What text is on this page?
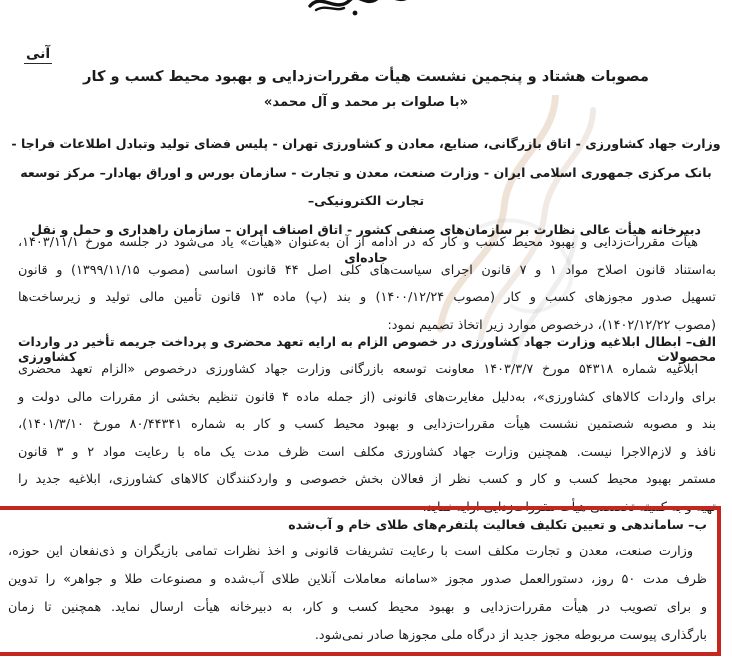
آنی
مصوبات هشتاد و پنجمین نشست هیأت مقررات‌زدایی و بهبود محیط کسب و کار
«با صلوات بر محمد و آل محمد»
وزارت جهاد کشاورزی - اتاق بازرگانی، صنایع، معادن و کشاورزی تهران - پلیس فضای تولید وتبادل اطلاعات فراجا -
بانک مرکزی جمهوری اسلامی ایران - وزارت صنعت، معدن و تجارت - سازمان بورس و اوراق بهادار– مرکز توسعه تجارت الکترونیکی–
دبیرخانه هیأت عالی نظارت بر سازمان‌های صنفی کشور - اتاق اصناف ایران – سازمان راهداری و حمل و نقل جاده‌ای
هیأت مقررات‌زدایی و بهبود محیط کسب و کار که در ادامه از آن به‌عنوان «هیأت» یاد می‌شود در جلسه مورخ ۱۴۰۳/۱۱/۱،
به‌استناد قانون اصلاح مواد ۱ و ۷ قانون اجرای سیاست‌های کلی اصل ۴۴ قانون اساسی (مصوب ۱۳۹۹/۱۱/۱۵) و قانون
تسهیل صدور مجوزهای کسب و کار (مصوب ۱۴۰۰/۱۲/۲۴) و بند (پ) ماده ۱۳ قانون تأمین مالی تولید و زیرساخت‌ها
(مصوب ۱۴۰۲/۱۲/۲۲)، درخصوص موارد زیر اتخاذ تصمیم نمود:
الف– ابطال ابلاغیه وزارت جهاد کشاورزی در خصوص الزام به ارایه تعهد محضری و پرداخت جریمه تأخیر در واردات محصولات کشاورزی
ابلاغیه شماره ۵۴۳۱۸ مورخ ۱۴۰۳/۳/۷ معاونت توسعه بازرگانی وزارت جهاد کشاورزی درخصوص «الزام تعهد محضری
برای واردات کالاهای کشاورزی»، به‌دلیل مغایرت‌های قانونی (از جمله ماده ۴ قانون تنظیم بخشی از مقررات مالی دولت و
بند و مصوبه شصتمین نشست هیأت مقررات‌زدایی و بهبود محیط کسب و کار به شماره ۸۰/۴۴۳۴۱ مورخ ۱۴۰۱/۳/۱۰)،
نافذ و لازم‌الاجرا نیست. همچنین وزارت جهاد کشاورزی مکلف است ظرف مدت یک ماه با رعایت مواد ۲ و ۳ قانون
مستمر بهبود محیط کسب و کار و کسب نظر از فعالان بخش خصوصی و واردکنندگان کالاهای کشاورزی، ابلاغیه جدید را
تهیه و به کمیته تخصصی هیأت مقررات‌زدایی ارایه نماید.
ب– ساماندهی و تعیین تکلیف فعالیت پلتفرم‌های طلای خام و آب‌شده
وزارت صنعت، معدن و تجارت مکلف است با رعایت تشریفات قانونی و اخذ نظرات تمامی بازیگران و ذی‌نفعان این حوزه،
ظرف مدت ۵۰ روز، دستورالعمل صدور مجوز «سامانه معاملات آنلاین طلای آب‌شده و مصنوعات طلا و جواهر» را تدوین
و برای تصویب در هیأت مقررات‌زدایی و بهبود محیط کسب و کار، به دبیرخانه هیأت ارسال نماید. همچنین تا زمان
بارگذاری پیوست مربوطه مجوز جدید از درگاه ملی مجوزها صادر نمی‌شود.
